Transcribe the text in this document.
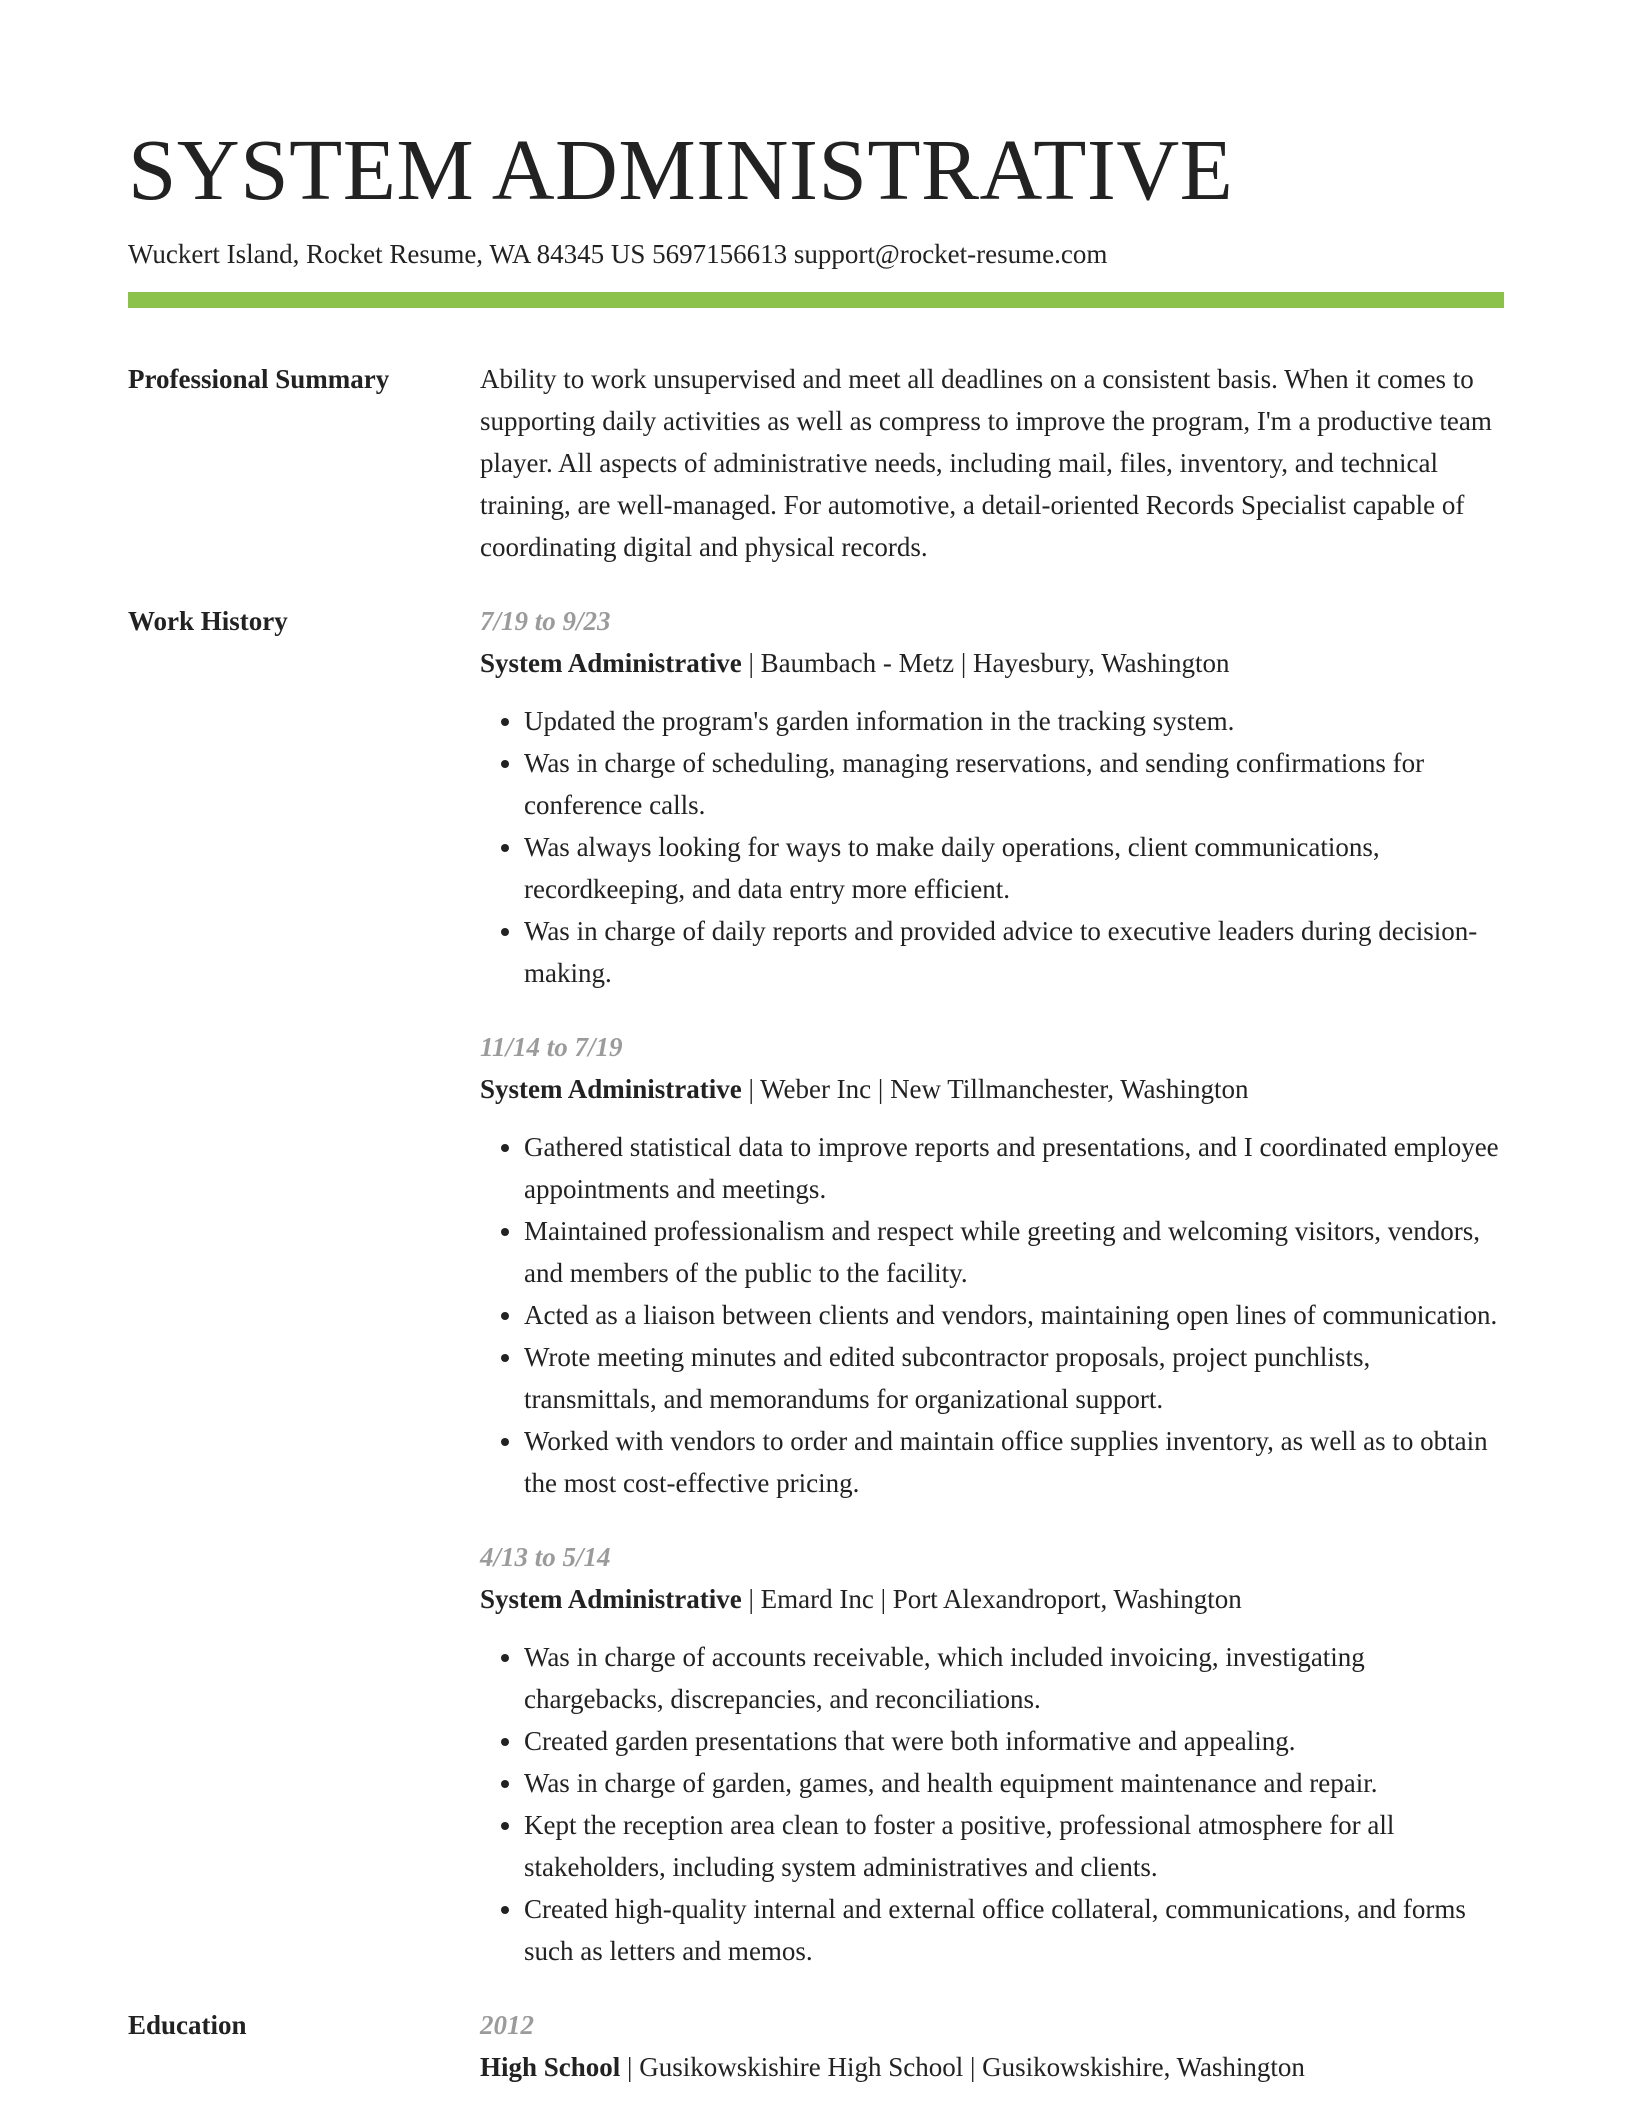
SYSTEM ADMINISTRATIVE
Wuckert Island, Rocket Resume, WA 84345 US 5697156613 support@rocket-resume.com
Professional Summary	Ability to work unsupervised and meet all deadlines on a consistent basis. When it comes to supporting daily activities as well as compress to improve the program, I'm a productive team player. All aspects of administrative needs, including mail, files, inventory, and technical training, are well-managed. For automotive, a detail-oriented Records Specialist capable of coordinating digital and physical records.

Work History	7/19 to 9/23

System Administrative | Baumbach - Metz | Hayesbury, Washington

• Updated the program's garden information in the tracking system.
• Was in charge of scheduling, managing reservations, and sending confirmations for conference calls.
• Was always looking for ways to make daily operations, client communications, recordkeeping, and data entry more efficient.
• Was in charge of daily reports and provided advice to executive leaders during decision-making.
11/14 to 7/19

System Administrative | Weber Inc | New Tillmanchester, Washington

• Gathered statistical data to improve reports and presentations, and I coordinated employee appointments and meetings.
• Maintained professionalism and respect while greeting and welcoming visitors, vendors, and members of the public to the facility.
• Acted as a liaison between clients and vendors, maintaining open lines of communication.
• Wrote meeting minutes and edited subcontractor proposals, project punchlists, transmittals, and memorandums for organizational support.
• Worked with vendors to order and maintain office supplies inventory, as well as to obtain the most cost-effective pricing.
4/13 to 5/14

System Administrative | Emard Inc | Port Alexandroport, Washington

• Was in charge of accounts receivable, which included invoicing, investigating chargebacks, discrepancies, and reconciliations.
• Created garden presentations that were both informative and appealing.
• Was in charge of garden, games, and health equipment maintenance and repair.
• Kept the reception area clean to foster a positive, professional atmosphere for all stakeholders, including system administratives and clients.
• Created high-quality internal and external office collateral, communications, and forms such as letters and memos.
Education	2012

High School | Gusikowskishire High School | Gusikowskishire, Washington
